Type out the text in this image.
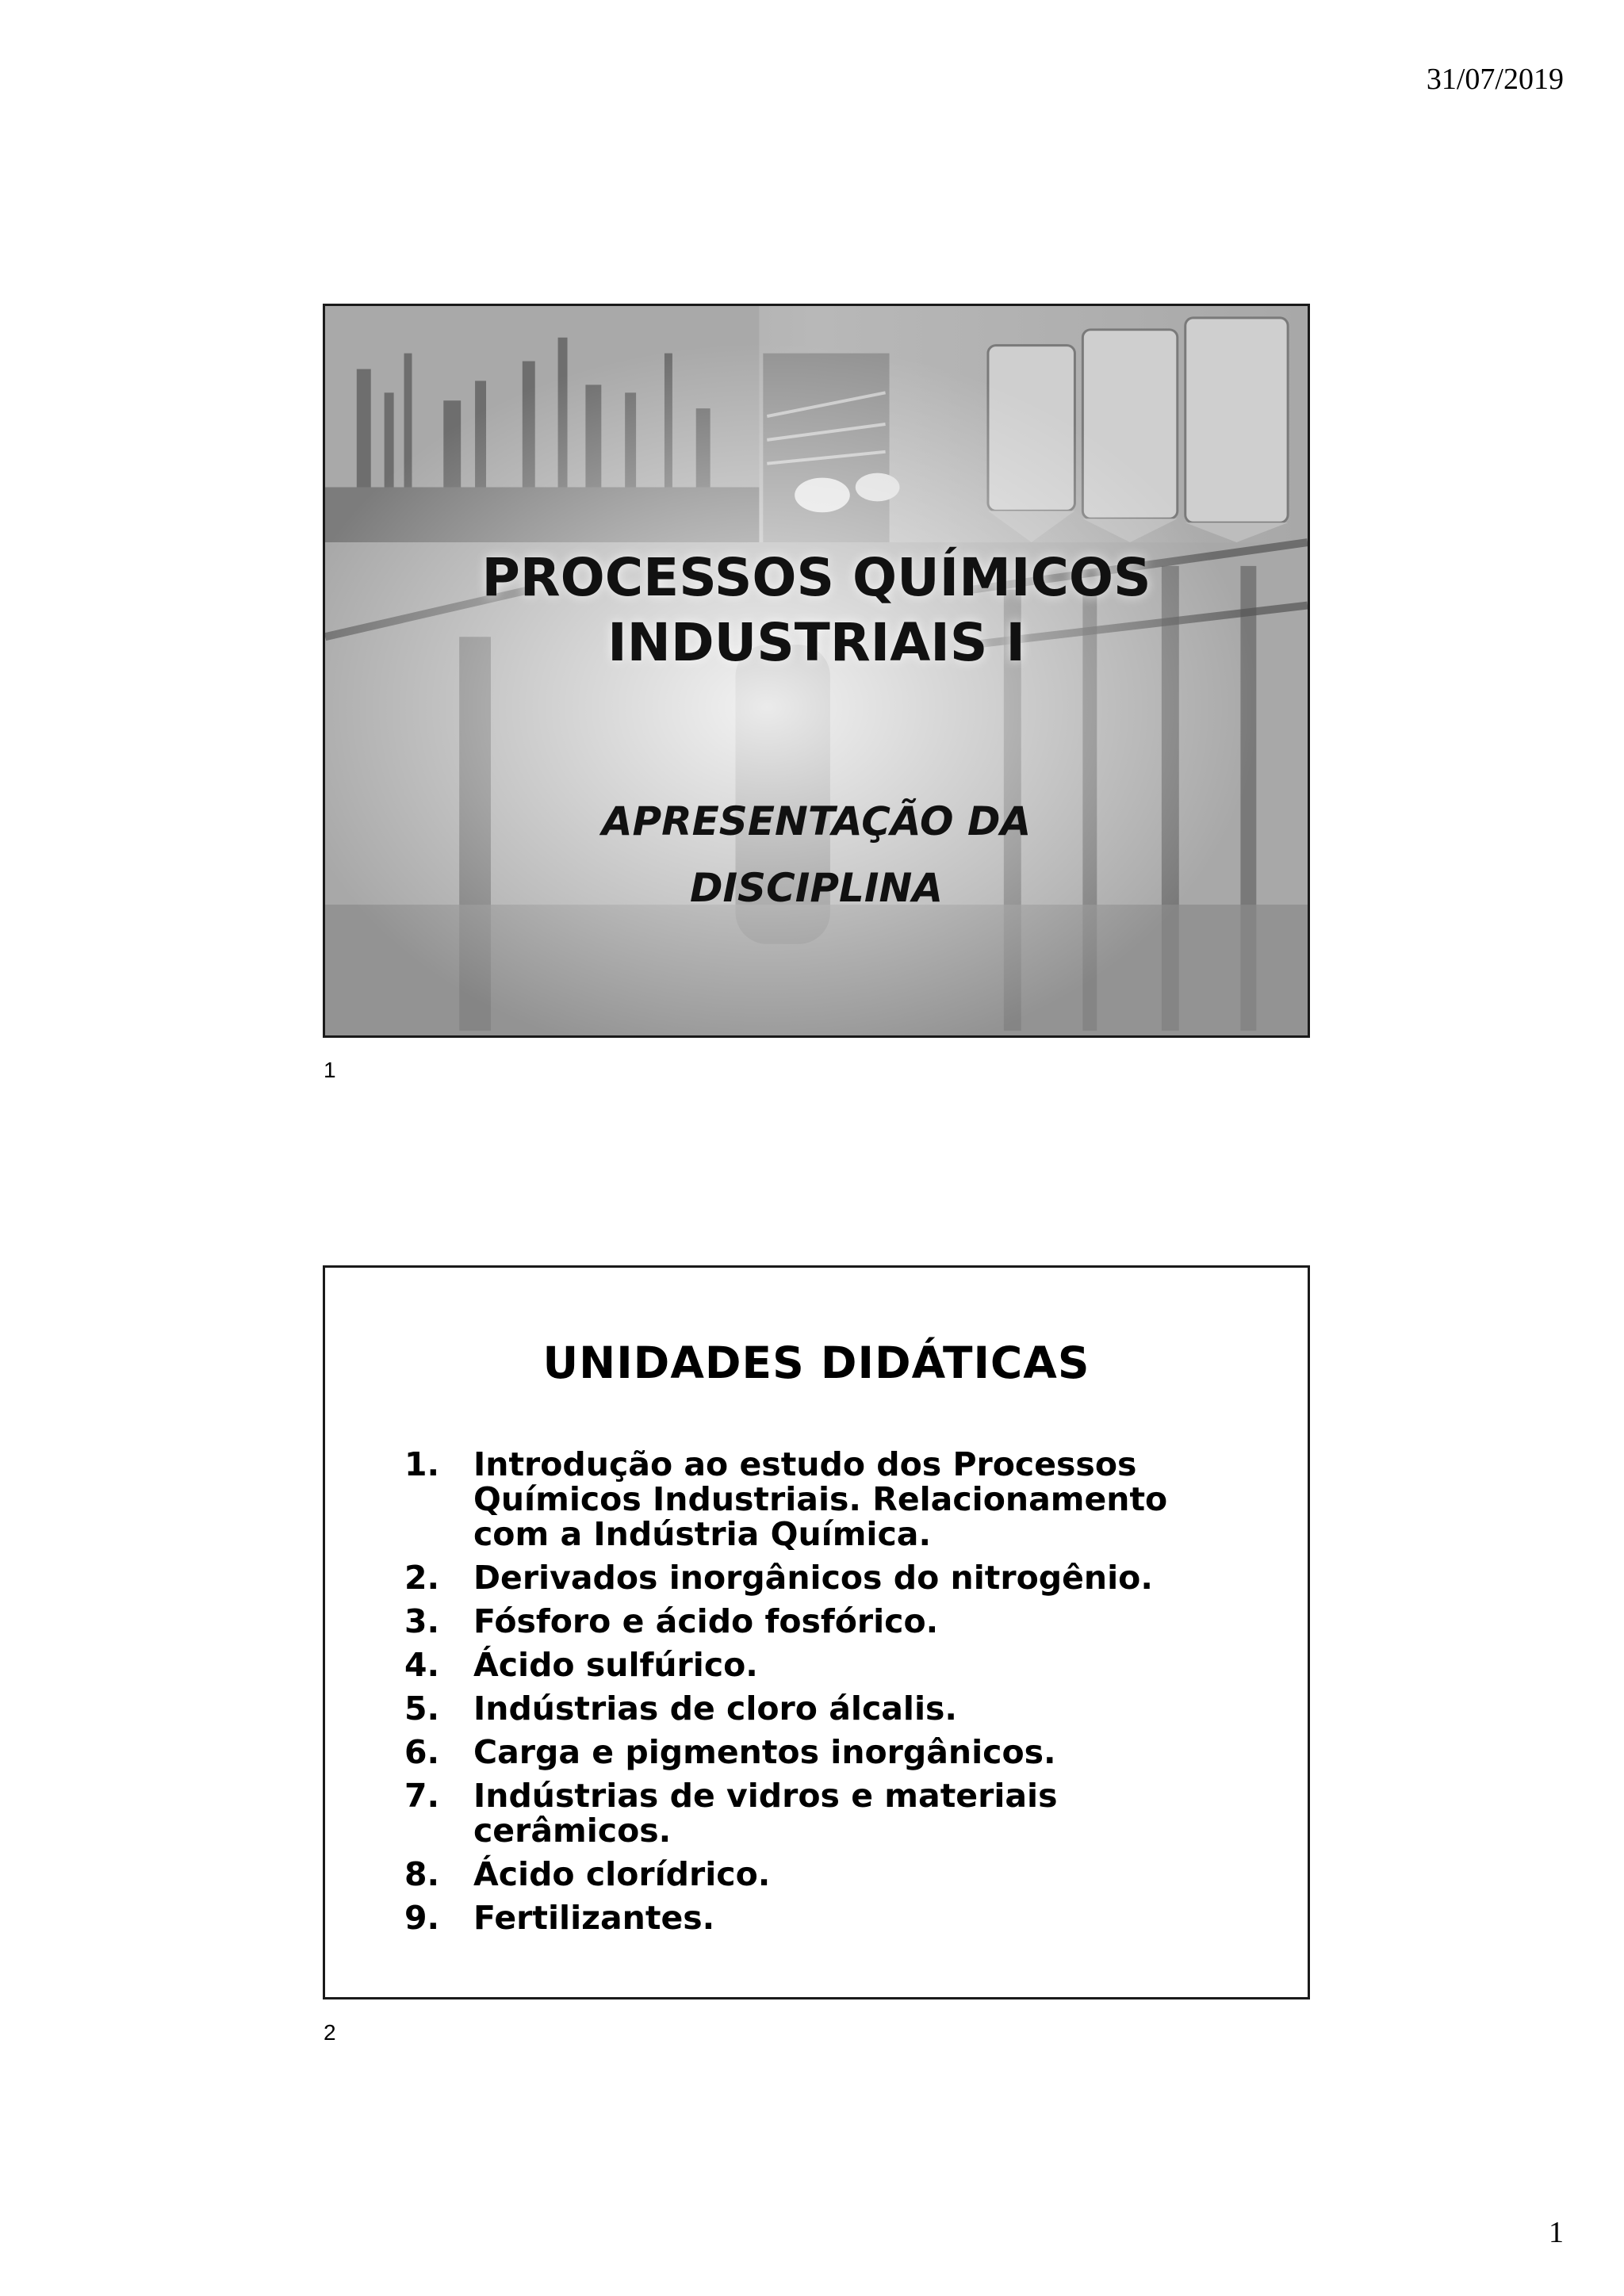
31/07/2019
PROCESSOS QUÍMICOS
INDUSTRIAIS I
APRESENTAÇÃO DA
DISCIPLINA
1
UNIDADES DIDÁTICAS
1. Introdução ao estudo dos Processos
Químicos Industriais. Relacionamento
com a Indústria Química.
2. Derivados inorgânicos do nitrogênio.
3. Fósforo e ácido fosfórico.
4. Ácido sulfúrico.
5. Indústrias de cloro álcalis.
6. Carga e pigmentos inorgânicos.
7. Indústrias de vidros e materiais
cerâmicos.
8. Ácido clorídrico.
9. Fertilizantes.
2
1
